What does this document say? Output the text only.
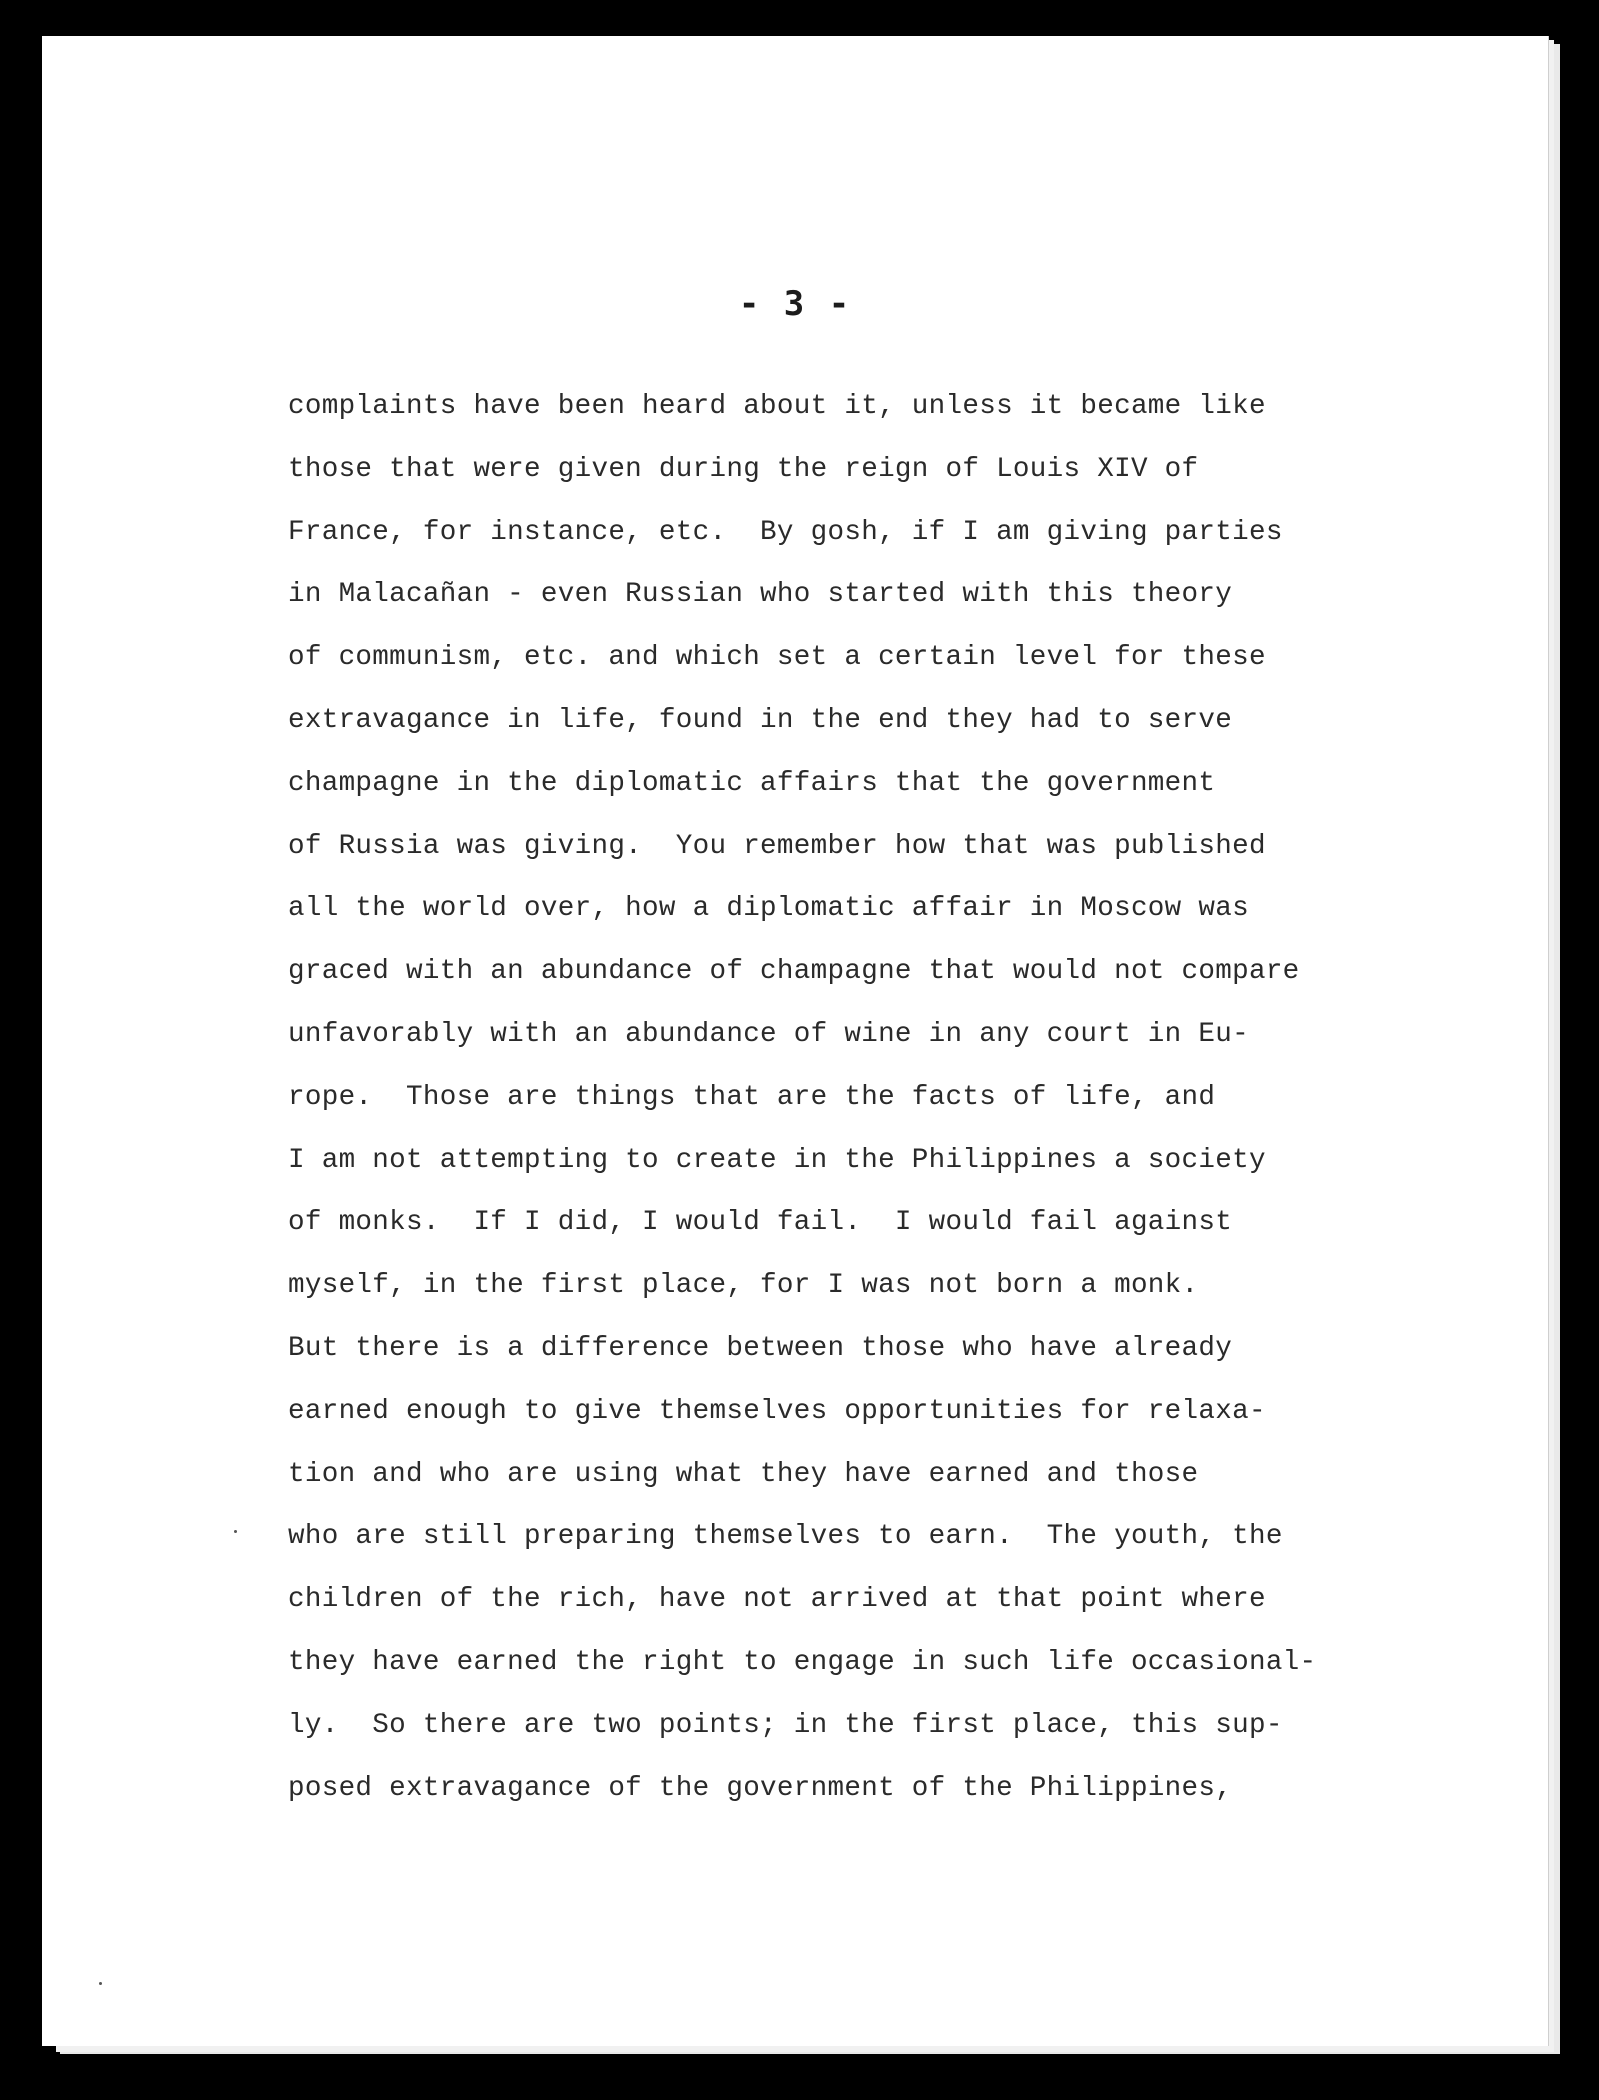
- 3 -
complaints have been heard about it, unless it became like
those that were given during the reign of Louis XIV of
France, for instance, etc.  By gosh, if I am giving parties
in Malacañan - even Russian who started with this theory
of communism, etc. and which set a certain level for these
extravagance in life, found in the end they had to serve
champagne in the diplomatic affairs that the government
of Russia was giving.  You remember how that was published
all the world over, how a diplomatic affair in Moscow was
graced with an abundance of champagne that would not compare
unfavorably with an abundance of wine in any court in Eu-
rope.  Those are things that are the facts of life, and
I am not attempting to create in the Philippines a society
of monks.  If I did, I would fail.  I would fail against
myself, in the first place, for I was not born a monk.
But there is a difference between those who have already
earned enough to give themselves opportunities for relaxa-
tion and who are using what they have earned and those
who are still preparing themselves to earn.  The youth, the
children of the rich, have not arrived at that point where
they have earned the right to engage in such life occasional-
ly.  So there are two points; in the first place, this sup-
posed extravagance of the government of the Philippines,
